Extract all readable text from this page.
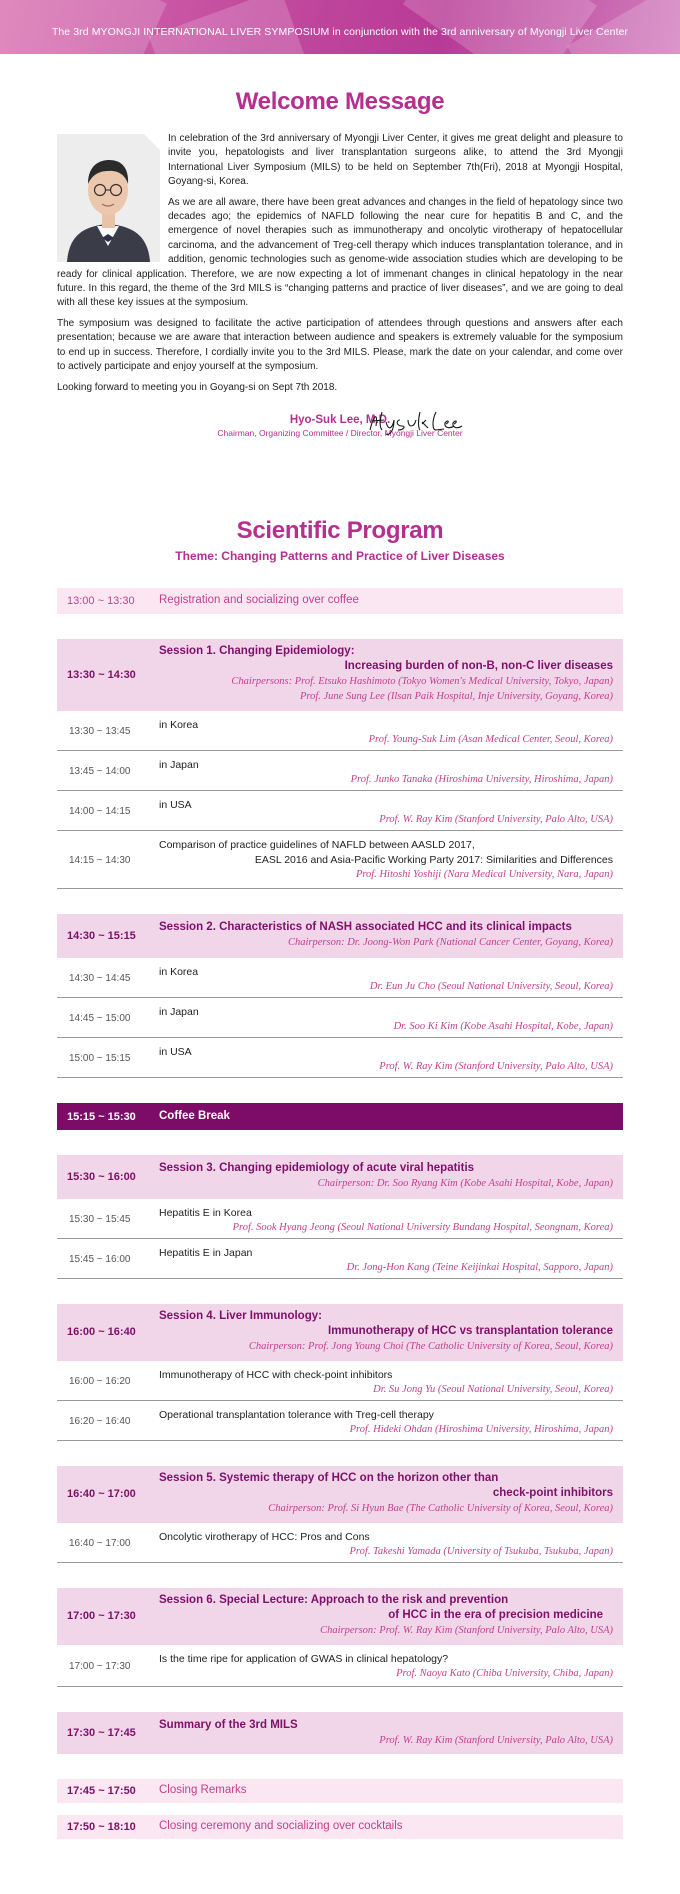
The 3rd MYONGJI INTERNATIONAL LIVER SYMPOSIUM in conjunction with the 3rd anniversary of Myongji Liver Center
Welcome Message

In celebration of the 3rd anniversary of Myongji Liver Center, it gives me great delight and pleasure to invite you, hepatologists and liver transplantation surgeons alike, to attend the 3rd Myongji International Liver Symposium (MILS) to be held on September 7th(Fri), 2018 at Myongji Hospital, Goyang-si, Korea.

As we are all aware, there have been great advances and changes in the field of hepatology since two decades ago; the epidemics of NAFLD following the near cure for hepatitis B and C, and the emergence of novel therapies such as immunotherapy and oncolytic virotherapy of hepatocellular carcinoma, and the advancement of Treg-cell therapy which induces transplantation tolerance, and in addition, genomic technologies such as genome-wide association studies which are developing to be ready for clinical application. Therefore, we are now expecting a lot of immenant changes in clinical hepatology in the near future. In this regard, the theme of the 3rd MILS is “changing patterns and practice of liver diseases”, and we are going to deal with all these key issues at the symposium.

The symposium was designed to facilitate the active participation of attendees through questions and answers after each presentation; because we are aware that interaction between audience and speakers is extremely valuable for the symposium to end up in success. Therefore, I cordially invite you to the 3rd MILS. Please, mark the date on your calendar, and come over to actively participate and enjoy yourself at the symposium.

Looking forward to meeting you in Goyang-si on Sept 7th 2018.

Hyo-Suk Lee, M.D.
Chairman, Organizing Committee / Director, Myongji Liver Center
Scientific Program
Theme: Changing Patterns and Practice of Liver Diseases
13:00 ~ 13:30 Registration and socializing over coffee
13:30 ~ 14:30
Session 1. Changing Epidemiology:
Increasing burden of non-B, non-C liver diseases
Chairpersons: Prof. Etsuko Hashimoto (Tokyo Women's Medical University, Tokyo, Japan)
Prof. June Sung Lee (Ilsan Paik Hospital, Inje University, Goyang, Korea)
13:30 ~ 13:45
in Korea
Prof. Young-Suk Lim (Asan Medical Center, Seoul, Korea)
13:45 ~ 14:00
in Japan
Prof. Junko Tanaka (Hiroshima University, Hiroshima, Japan)
14:00 ~ 14:15
in USA
Prof. W. Ray Kim (Stanford University, Palo Alto, USA)
14:15 ~ 14:30
Comparison of practice guidelines of NAFLD between AASLD 2017,
EASL 2016 and Asia-Pacific Working Party 2017: Similarities and Differences
Prof. Hitoshi Yoshiji (Nara Medical University, Nara, Japan)
14:30 ~ 15:15
Session 2. Characteristics of NASH associated HCC and its clinical impacts
Chairperson: Dr. Joong-Won Park (National Cancer Center, Goyang, Korea)
14:30 ~ 14:45
in Korea
Dr. Eun Ju Cho (Seoul National University, Seoul, Korea)
14:45 ~ 15:00
in Japan
Dr. Soo Ki Kim (Kobe Asahi Hospital, Kobe, Japan)
15:00 ~ 15:15
in USA
Prof. W. Ray Kim (Stanford University, Palo Alto, USA)
15:15 ~ 15:30 Coffee Break
15:30 ~ 16:00
Session 3. Changing epidemiology of acute viral hepatitis
Chairperson: Dr. Soo Ryang Kim (Kobe Asahi Hospital, Kobe, Japan)
15:30 ~ 15:45
Hepatitis E in Korea
Prof. Sook Hyang Jeong (Seoul National University Bundang Hospital, Seongnam, Korea)
15:45 ~ 16:00
Hepatitis E in Japan
Dr. Jong-Hon Kang (Teine Keijinkai Hospital, Sapporo, Japan)
16:00 ~ 16:40
Session 4. Liver Immunology:
Immunotherapy of HCC vs transplantation tolerance
Chairperson: Prof. Jong Young Choi (The Catholic University of Korea, Seoul, Korea)
16:00 ~ 16:20
Immunotherapy of HCC with check-point inhibitors
Dr. Su Jong Yu (Seoul National University, Seoul, Korea)
16:20 ~ 16:40
Operational transplantation tolerance with Treg-cell therapy
Prof. Hideki Ohdan (Hiroshima University, Hiroshima, Japan)
16:40 ~ 17:00
Session 5. Systemic therapy of HCC on the horizon other than
check-point inhibitors
Chairperson: Prof. Si Hyun Bae (The Catholic University of Korea, Seoul, Korea)
16:40 ~ 17:00
Oncolytic virotherapy of HCC: Pros and Cons
Prof. Takeshi Yamada (University of Tsukuba, Tsukuba, Japan)
17:00 ~ 17:30
Session 6. Special Lecture: Approach to the risk and prevention
of HCC in the era of precision medicine
Chairperson: Prof. W. Ray Kim (Stanford University, Palo Alto, USA)
17:00 ~ 17:30
Is the time ripe for application of GWAS in clinical hepatology?
Prof. Naoya Kato (Chiba University, Chiba, Japan)
17:30 ~ 17:45
Summary of the 3rd MILS
Prof. W. Ray Kim (Stanford University, Palo Alto, USA)
17:45 ~ 17:50 Closing Remarks
17:50 ~ 18:10 Closing ceremony and socializing over cocktails
